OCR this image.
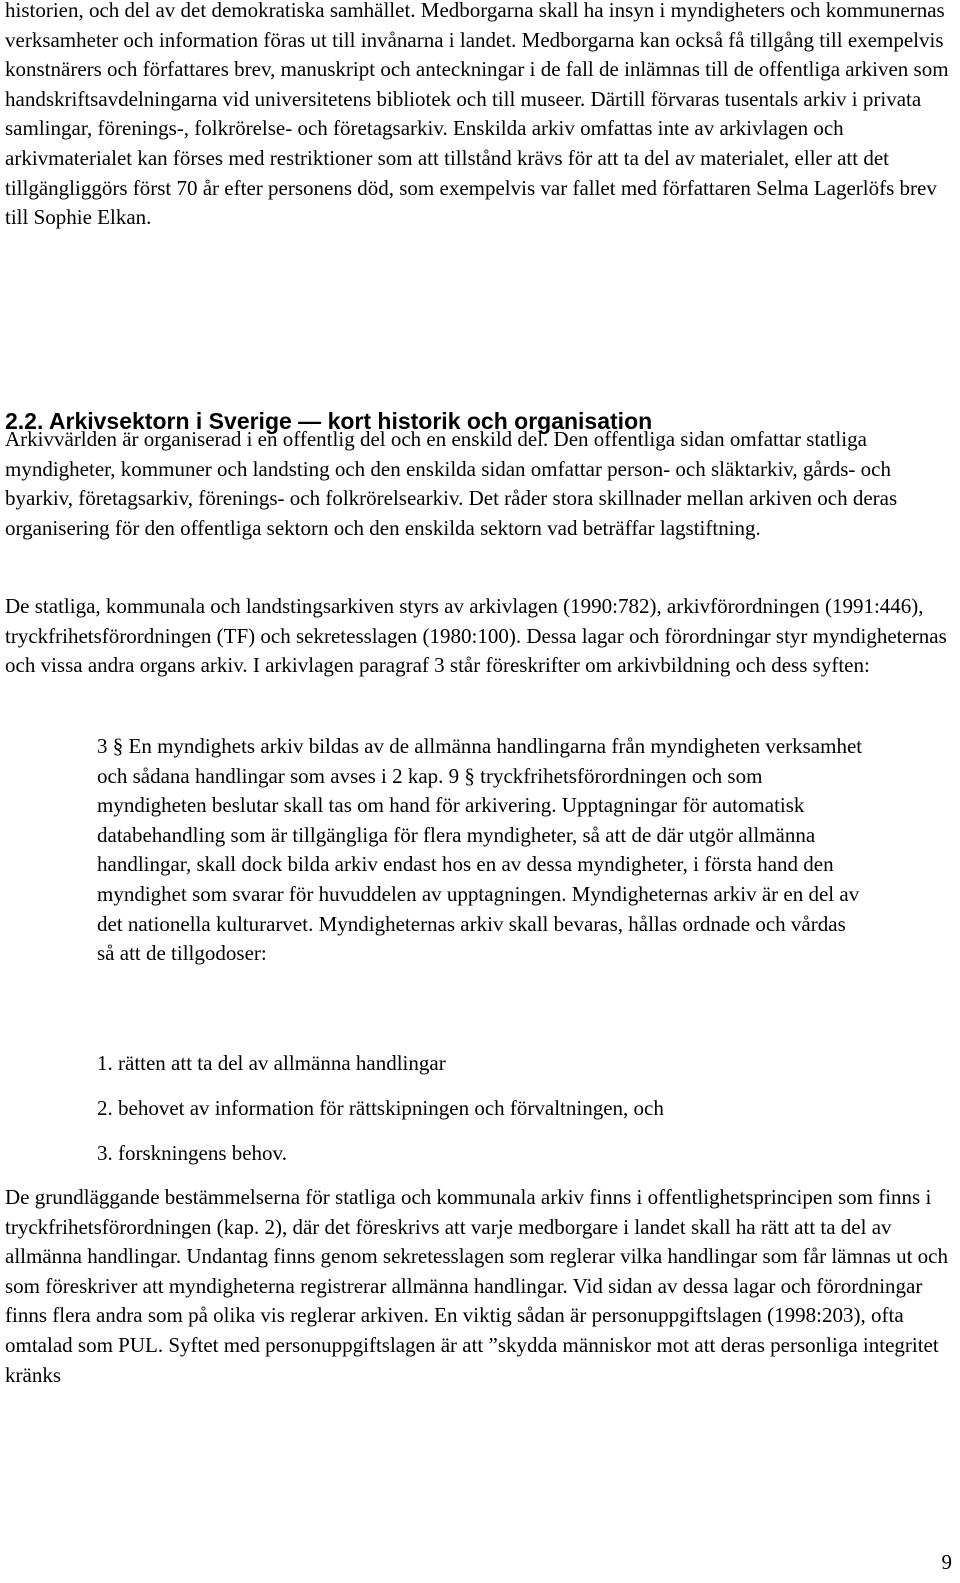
historien, och del av det demokratiska samhället. Medborgarna skall ha insyn i myndigheters och kommunernas verksamheter och information föras ut till invånarna i landet. Medborgarna kan också få tillgång till exempelvis konstnärers och författares brev, manuskript och anteckningar i de fall de inlämnas till de offentliga arkiven som handskriftsavdelningarna vid universitetens bibliotek och till museer. Därtill förvaras tusentals arkiv i privata samlingar, förenings-, folkrörelse- och företagsarkiv. Enskilda arkiv omfattas inte av arkivlagen och arkivmaterialet kan förses med restriktioner som att tillstånd krävs för att ta del av materialet, eller att det tillgängliggörs först 70 år efter personens död, som exempelvis var fallet med författaren Selma Lagerlöfs brev till Sophie Elkan.

2.2. Arkivsektorn i Sverige — kort historik och organisation

Arkivvärlden är organiserad i en offentlig del och en enskild del. Den offentliga sidan omfattar statliga myndigheter, kommuner och landsting och den enskilda sidan omfattar person- och släktarkiv, gårds- och byarkiv, företagsarkiv, förenings- och folkrörelsearkiv. Det råder stora skillnader mellan arkiven och deras organisering för den offentliga sektorn och den enskilda sektorn vad beträffar lagstiftning.

De statliga, kommunala och landstingsarkiven styrs av arkivlagen (1990:782), arkivförordningen (1991:446), tryckfrihetsförordningen (TF) och sekretesslagen (1980:100). Dessa lagar och förordningar styr myndigheternas och vissa andra organs arkiv. I arkivlagen paragraf 3 står föreskrifter om arkivbildning och dess syften:

3 § En myndighets arkiv bildas av de allmänna handlingarna från myndigheten verksamhet och sådana handlingar som avses i 2 kap. 9 § tryckfrihetsförordningen och som myndigheten beslutar skall tas om hand för arkivering. Upptagningar för automatisk databehandling som är tillgängliga för flera myndigheter, så att de där utgör allmänna handlingar, skall dock bilda arkiv endast hos en av dessa myndigheter, i första hand den myndighet som svarar för huvuddelen av upptagningen. Myndigheternas arkiv är en del av det nationella kulturarvet. Myndigheternas arkiv skall bevaras, hållas ordnade och vårdas så att de tillgodoser:
1. rätten att ta del av allmänna handlingar
2. behovet av information för rättskipningen och förvaltningen, och
3. forskningens behov.

De grundläggande bestämmelserna för statliga och kommunala arkiv finns i offentlighetsprincipen som finns i tryckfrihetsförordningen (kap. 2), där det föreskrivs att varje medborgare i landet skall ha rätt att ta del av allmänna handlingar. Undantag finns genom sekretesslagen som reglerar vilka handlingar som får lämnas ut och som föreskriver att myndigheterna registrerar allmänna handlingar. Vid sidan av dessa lagar och förordningar finns flera andra som på olika vis reglerar arkiven. En viktig sådan är personuppgiftslagen (1998:203), ofta omtalad som PUL. Syftet med personuppgiftslagen är att ”skydda människor mot att deras personliga integritet kränks

9
